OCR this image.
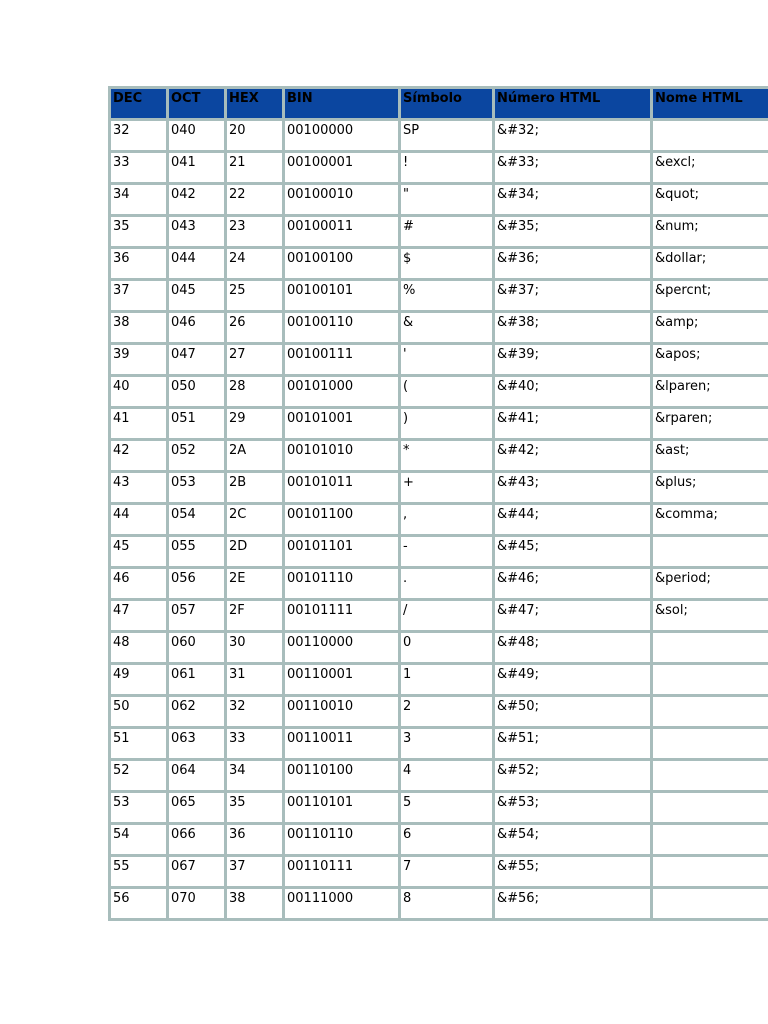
DEC	OCT	HEX	BIN	Símbolo	Número HTML	Nome HTML
32	040	20	00100000	SP	&#32;	
33	041	21	00100001	!	&#33;	&excl;
34	042	22	00100010	"	&#34;	&quot;
35	043	23	00100011	#	&#35;	&num;
36	044	24	00100100	$	&#36;	&dollar;
37	045	25	00100101	%	&#37;	&percnt;
38	046	26	00100110	&	&#38;	&amp;
39	047	27	00100111	'	&#39;	&apos;
40	050	28	00101000	(	&#40;	&lparen;
41	051	29	00101001	)	&#41;	&rparen;
42	052	2A	00101010	*	&#42;	&ast;
43	053	2B	00101011	+	&#43;	&plus;
44	054	2C	00101100	,	&#44;	&comma;
45	055	2D	00101101	-	&#45;	
46	056	2E	00101110	.	&#46;	&period;
47	057	2F	00101111	/	&#47;	&sol;
48	060	30	00110000	0	&#48;	
49	061	31	00110001	1	&#49;	
50	062	32	00110010	2	&#50;	
51	063	33	00110011	3	&#51;	
52	064	34	00110100	4	&#52;	
53	065	35	00110101	5	&#53;	
54	066	36	00110110	6	&#54;	
55	067	37	00110111	7	&#55;	
56	070	38	00111000	8	&#56;	
